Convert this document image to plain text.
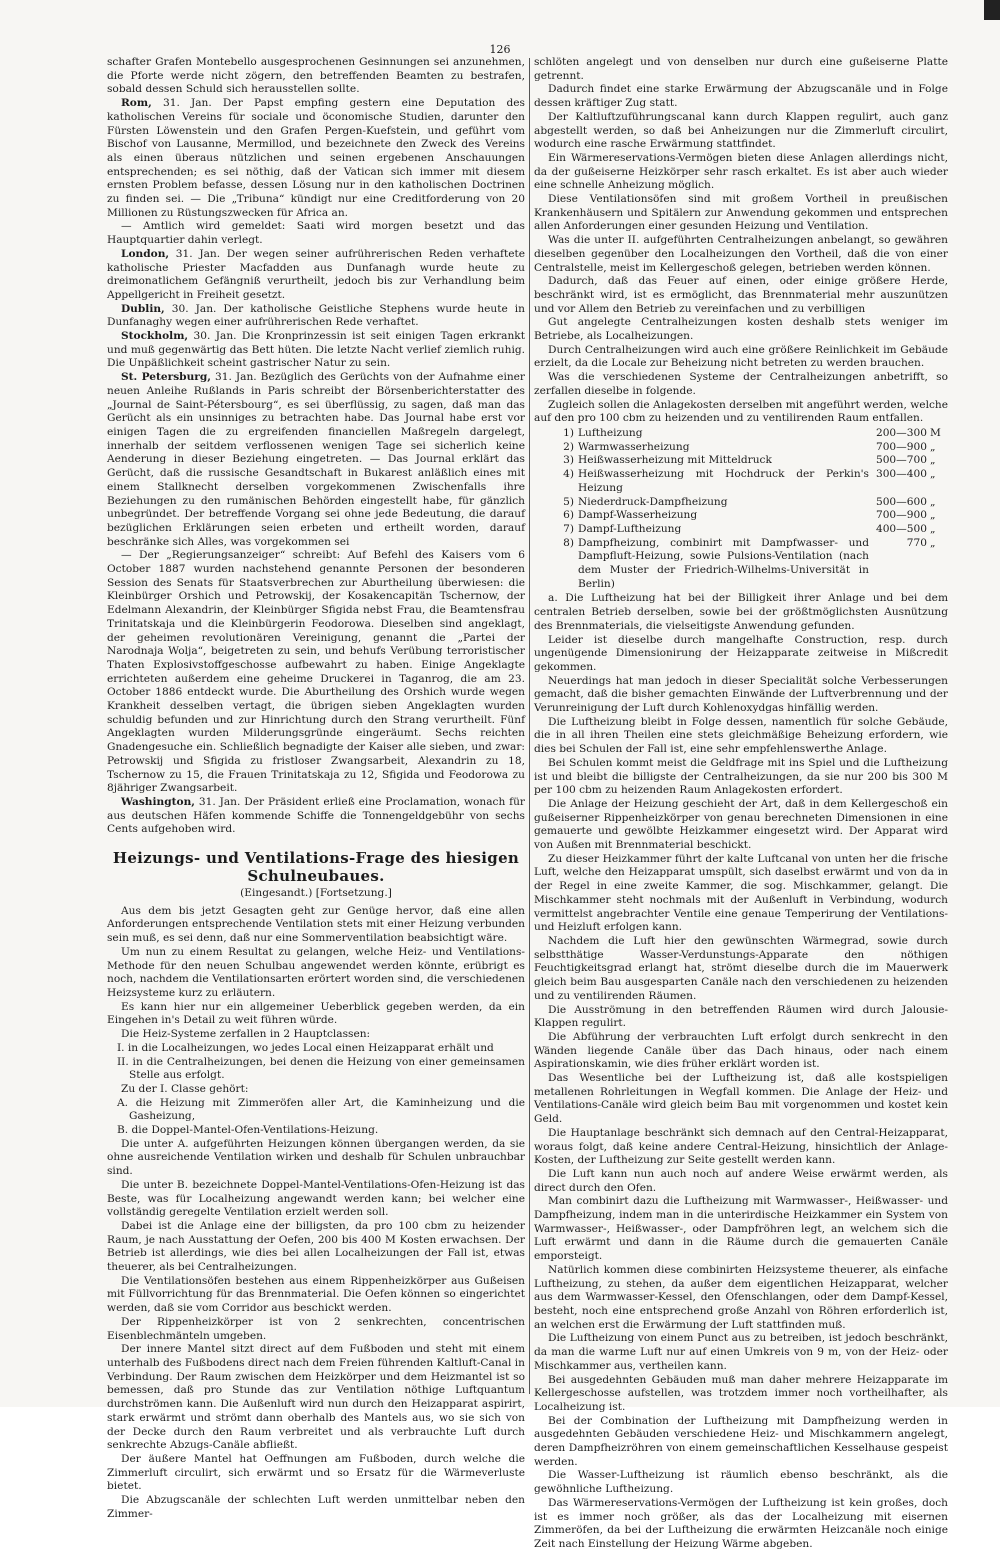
126

schafter Grafen Montebello ausgesprochenen Gesinnungen sei anzunehmen, die Pforte werde nicht zögern, den betreffenden Beamten zu bestrafen, sobald dessen Schuld sich herausstellen sollte.

Rom, 31. Jan. Der Papst empfing gestern eine Deputation des katholischen Vereins für sociale und öconomische Studien, darunter den Fürsten Löwenstein und den Grafen Pergen-Kuefstein, und geführt vom Bischof von Lausanne, Mermillod, und bezeichnete den Zweck des Vereins als einen überaus nützlichen und seinen ergebenen Anschauungen entsprechenden; es sei nöthig, daß der Vatican sich immer mit diesem ernsten Problem befasse, dessen Lösung nur in den katholischen Doctrinen zu finden sei. — Die „Tribuna“ kündigt nur eine Creditforderung von 20 Millionen zu Rüstungszwecken für Africa an.

— Amtlich wird gemeldet: Saati wird morgen besetzt und das Hauptquartier dahin verlegt.

London, 31. Jan. Der wegen seiner aufrührerischen Reden verhaftete katholische Priester Macfadden aus Dunfanagh wurde heute zu dreimonatlichem Gefängniß verurtheilt, jedoch bis zur Verhandlung beim Appellgericht in Freiheit gesetzt.

Dublin, 30. Jan. Der katholische Geistliche Stephens wurde heute in Dunfanaghy wegen einer aufrührerischen Rede verhaftet.

Stockholm, 30. Jan. Die Kronprinzessin ist seit einigen Tagen erkrankt und muß gegenwärtig das Bett hüten. Die letzte Nacht verlief ziemlich ruhig. Die Unpäßlichkeit scheint gastrischer Natur zu sein.

St. Petersburg, 31. Jan. Bezüglich des Gerüchts von der Aufnahme einer neuen Anleihe Rußlands in Paris schreibt der Börsenberichterstatter des „Journal de Saint-Pétersbourg“, es sei überflüssig, zu sagen, daß man das Gerücht als ein unsinniges zu betrachten habe. Das Journal habe erst vor einigen Tagen die zu ergreifenden financiellen Maßregeln dargelegt, innerhalb der seitdem verflossenen wenigen Tage sei sicherlich keine Aenderung in dieser Beziehung eingetreten. — Das Journal erklärt das Gerücht, daß die russische Gesandtschaft in Bukarest anläßlich eines mit einem Stallknecht derselben vorgekommenen Zwischenfalls ihre Beziehungen zu den rumänischen Behörden eingestellt habe, für gänzlich unbegründet. Der betreffende Vorgang sei ohne jede Bedeutung, die darauf bezüglichen Erklärungen seien erbeten und ertheilt worden, darauf beschränke sich Alles, was vorgekommen sei

— Der „Regierungsanzeiger“ schreibt: Auf Befehl des Kaisers vom 6 October 1887 wurden nachstehend genannte Personen der besonderen Session des Senats für Staatsverbrechen zur Aburtheilung überwiesen: die Kleinbürger Orshich und Petrowskij, der Kosakencapitän Tschernow, der Edelmann Alexandrin, der Kleinbürger Sfigida nebst Frau, die Beamtensfrau Trinitatskaja und die Kleinbürgerin Feodorowa. Dieselben sind angeklagt, der geheimen revolutionären Vereinigung, genannt die „Partei der Narodnaja Wolja“, beigetreten zu sein, und behufs Verübung terroristischer Thaten Explosivstoffgeschosse aufbewahrt zu haben. Einige Angeklagte errichteten außerdem eine geheime Druckerei in Taganrog, die am 23. October 1886 entdeckt wurde. Die Aburtheilung des Orshich wurde wegen Krankheit desselben vertagt, die übrigen sieben Angeklagten wurden schuldig befunden und zur Hinrichtung durch den Strang verurtheilt. Fünf Angeklagten wurden Milderungsgründe eingeräumt. Sechs reichten Gnadengesuche ein. Schließlich begnadigte der Kaiser alle sieben, und zwar: Petrowskij und Sfigida zu fristloser Zwangsarbeit, Alexandrin zu 18, Tschernow zu 15, die Frauen Trinitatskaja zu 12, Sfigida und Feodorowa zu 8jähriger Zwangsarbeit.

Washington, 31. Jan. Der Präsident erließ eine Proclamation, wonach für aus deutschen Häfen kommende Schiffe die Tonnengeldgebühr von sechs Cents aufgehoben wird.

Heizungs- und Ventilations-Frage des hiesigen Schulneubaues.
(Eingesandt.) [Fortsetzung.]

Aus dem bis jetzt Gesagten geht zur Genüge hervor, daß eine allen Anforderungen entsprechende Ventilation stets mit einer Heizung verbunden sein muß, es sei denn, daß nur eine Sommerventilation beabsichtigt wäre.

Um nun zu einem Resultat zu gelangen, welche Heiz- und Ventilations-Methode für den neuen Schulbau angewendet werden könnte, erübrigt es noch, nachdem die Ventilationsarten erörtert worden sind, die verschiedenen Heizsysteme kurz zu erläutern.

Es kann hier nur ein allgemeiner Ueberblick gegeben werden, da ein Eingehen in's Detail zu weit führen würde.

Die Heiz-Systeme zerfallen in 2 Hauptclassen:

I. in die Localheizungen, wo jedes Local einen Heizapparat erhält und

II. in die Centralheizungen, bei denen die Heizung von einer gemeinsamen Stelle aus erfolgt.

Zu der I. Classe gehört:

A. die Heizung mit Zimmeröfen aller Art, die Kaminheizung und die Gasheizung,

B. die Doppel-Mantel-Ofen-Ventilations-Heizung.

Die unter A. aufgeführten Heizungen können übergangen werden, da sie ohne ausreichende Ventilation wirken und deshalb für Schulen unbrauchbar sind.

Die unter B. bezeichnete Doppel-Mantel-Ventilations-Ofen-Heizung ist das Beste, was für Localheizung angewandt werden kann; bei welcher eine vollständig geregelte Ventilation erzielt werden soll.

Dabei ist die Anlage eine der billigsten, da pro 100 cbm zu heizender Raum, je nach Ausstattung der Oefen, 200 bis 400 M Kosten erwachsen. Der Betrieb ist allerdings, wie dies bei allen Localheizungen der Fall ist, etwas theuerer, als bei Centralheizungen.

Die Ventilationsöfen bestehen aus einem Rippenheizkörper aus Gußeisen mit Füllvorrichtung für das Brennmaterial. Die Oefen können so eingerichtet werden, daß sie vom Corridor aus beschickt werden.

Der Rippenheizkörper ist von 2 senkrechten, concentrischen Eisenblechmänteln umgeben.

Der innere Mantel sitzt direct auf dem Fußboden und steht mit einem unterhalb des Fußbodens direct nach dem Freien führenden Kaltluft-Canal in Verbindung. Der Raum zwischen dem Heizkörper und dem Heizmantel ist so bemessen, daß pro Stunde das zur Ventilation nöthige Luftquantum durchströmen kann. Die Außenluft wird nun durch den Heizapparat aspirirt, stark erwärmt und strömt dann oberhalb des Mantels aus, wo sie sich von der Decke durch den Raum verbreitet und als verbrauchte Luft durch senkrechte Abzugs-Canäle abfließt.

Der äußere Mantel hat Oeffnungen am Fußboden, durch welche die Zimmerluft circulirt, sich erwärmt und so Ersatz für die Wärmeverluste bietet.

Die Abzugscanäle der schlechten Luft werden unmittelbar neben den Zimmer-

schlöten angelegt und von denselben nur durch eine gußeiserne Platte getrennt.

Dadurch findet eine starke Erwärmung der Abzugscanäle und in Folge dessen kräftiger Zug statt.

Der Kaltluftzuführungscanal kann durch Klappen regulirt, auch ganz abgestellt werden, so daß bei Anheizungen nur die Zimmerluft circulirt, wodurch eine rasche Erwärmung stattfindet.

Ein Wärmereservations-Vermögen bieten diese Anlagen allerdings nicht, da der gußeiserne Heizkörper sehr rasch erkaltet. Es ist aber auch wieder eine schnelle Anheizung möglich.

Diese Ventilationsöfen sind mit großem Vortheil in preußischen Krankenhäusern und Spitälern zur Anwendung gekommen und entsprechen allen Anforderungen einer gesunden Heizung und Ventilation.

Was die unter II. aufgeführten Centralheizungen anbelangt, so gewähren dieselben gegenüber den Localheizungen den Vortheil, daß die von einer Centralstelle, meist im Kellergeschoß gelegen, betrieben werden können.

Dadurch, daß das Feuer auf einen, oder einige größere Herde, beschränkt wird, ist es ermöglicht, das Brennmaterial mehr auszunützen und vor Allem den Betrieb zu vereinfachen und zu verbilligen

Gut angelegte Centralheizungen kosten deshalb stets weniger im Betriebe, als Localheizungen.

Durch Centralheizungen wird auch eine größere Reinlichkeit im Gebäude erzielt, da die Locale zur Beheizung nicht betreten zu werden brauchen.

Was die verschiedenen Systeme der Centralheizungen anbetrifft, so zerfallen dieselbe in folgende.

Zugleich sollen die Anlagekosten derselben mit angeführt werden, welche auf den pro 100 cbm zu heizenden und zu ventilirenden Raum entfallen.

1)	Luftheizung	200—300	M
2)	Warmwasserheizung	700—900	„
3)	Heißwasserheizung mit Mitteldruck	500—700	„
4)	Heißwasserheizung mit Hochdruck der Perkin's Heizung	300—400	„
5)	Niederdruck-Dampfheizung	500—600	„
6)	Dampf-Wasserheizung	700—900	„
7)	Dampf-Luftheizung	400—500	„
8)	Dampfheizung, combinirt mit Dampfwasser- und Dampfluft-Heizung, sowie Pulsions-Ventilation (nach dem Muster der Friedrich-Wilhelms-Universität in Berlin)	770	„

a. Die Luftheizung hat bei der Billigkeit ihrer Anlage und bei dem centralen Betrieb derselben, sowie bei der größtmöglichsten Ausnützung des Brennmaterials, die vielseitigste Anwendung gefunden.

Leider ist dieselbe durch mangelhafte Construction, resp. durch ungenügende Dimensionirung der Heizapparate zeitweise in Mißcredit gekommen.

Neuerdings hat man jedoch in dieser Specialität solche Verbesserungen gemacht, daß die bisher gemachten Einwände der Luftverbrennung und der Verunreinigung der Luft durch Kohlenoxydgas hinfällig werden.

Die Luftheizung bleibt in Folge dessen, namentlich für solche Gebäude, die in all ihren Theilen eine stets gleichmäßige Beheizung erfordern, wie dies bei Schulen der Fall ist, eine sehr empfehlenswerthe Anlage.

Bei Schulen kommt meist die Geldfrage mit ins Spiel und die Luftheizung ist und bleibt die billigste der Centralheizungen, da sie nur 200 bis 300 M per 100 cbm zu heizenden Raum Anlagekosten erfordert.

Die Anlage der Heizung geschieht der Art, daß in dem Kellergeschoß ein gußeiserner Rippenheizkörper von genau berechneten Dimensionen in eine gemauerte und gewölbte Heizkammer eingesetzt wird. Der Apparat wird von Außen mit Brennmaterial beschickt.

Zu dieser Heizkammer führt der kalte Luftcanal von unten her die frische Luft, welche den Heizapparat umspült, sich daselbst erwärmt und von da in der Regel in eine zweite Kammer, die sog. Mischkammer, gelangt. Die Mischkammer steht nochmals mit der Außenluft in Verbindung, wodurch vermittelst angebrachter Ventile eine genaue Temperirung der Ventilations- und Heizluft erfolgen kann.

Nachdem die Luft hier den gewünschten Wärmegrad, sowie durch selbstthätige Wasser-Verdunstungs-Apparate den nöthigen Feuchtigkeitsgrad erlangt hat, strömt dieselbe durch die im Mauerwerk gleich beim Bau ausgesparten Canäle nach den verschiedenen zu heizenden und zu ventilirenden Räumen.

Die Ausströmung in den betreffenden Räumen wird durch Jalousie-Klappen regulirt.

Die Abführung der verbrauchten Luft erfolgt durch senkrecht in den Wänden liegende Canäle über das Dach hinaus, oder nach einem Aspirationskamin, wie dies früher erklärt worden ist.

Das Wesentliche bei der Luftheizung ist, daß alle kostspieligen metallenen Rohrleitungen in Wegfall kommen. Die Anlage der Heiz- und Ventilations-Canäle wird gleich beim Bau mit vorgenommen und kostet kein Geld.

Die Hauptanlage beschränkt sich demnach auf den Central-Heizapparat, woraus folgt, daß keine andere Central-Heizung, hinsichtlich der Anlage-Kosten, der Luftheizung zur Seite gestellt werden kann.

Die Luft kann nun auch noch auf andere Weise erwärmt werden, als direct durch den Ofen.

Man combinirt dazu die Luftheizung mit Warmwasser-, Heißwasser- und Dampfheizung, indem man in die unterirdische Heizkammer ein System von Warmwasser-, Heißwasser-, oder Dampfröhren legt, an welchem sich die Luft erwärmt und dann in die Räume durch die gemauerten Canäle emporsteigt.

Natürlich kommen diese combinirten Heizsysteme theuerer, als einfache Luftheizung, zu stehen, da außer dem eigentlichen Heizapparat, welcher aus dem Warmwasser-Kessel, den Ofenschlangen, oder dem Dampf-Kessel, besteht, noch eine entsprechend große Anzahl von Röhren erforderlich ist, an welchen erst die Erwärmung der Luft stattfinden muß.

Die Luftheizung von einem Punct aus zu betreiben, ist jedoch beschränkt, da man die warme Luft nur auf einen Umkreis von 9 m, von der Heiz- oder Mischkammer aus, vertheilen kann.

Bei ausgedehnten Gebäuden muß man daher mehrere Heizapparate im Kellergeschosse aufstellen, was trotzdem immer noch vortheilhafter, als Localheizung ist.

Bei der Combination der Luftheizung mit Dampfheizung werden in ausgedehnten Gebäuden verschiedene Heiz- und Mischkammern angelegt, deren Dampfheizröhren von einem gemeinschaftlichen Kesselhause gespeist werden.

Die Wasser-Luftheizung ist räumlich ebenso beschränkt, als die gewöhnliche Luftheizung.

Das Wärmereservations-Vermögen der Luftheizung ist kein großes, doch ist es immer noch größer, als das der Localheizung mit eisernen Zimmeröfen, da bei der Luftheizung die erwärmten Heizcanäle noch einige Zeit nach Einstellung der Heizung Wärme abgeben.
